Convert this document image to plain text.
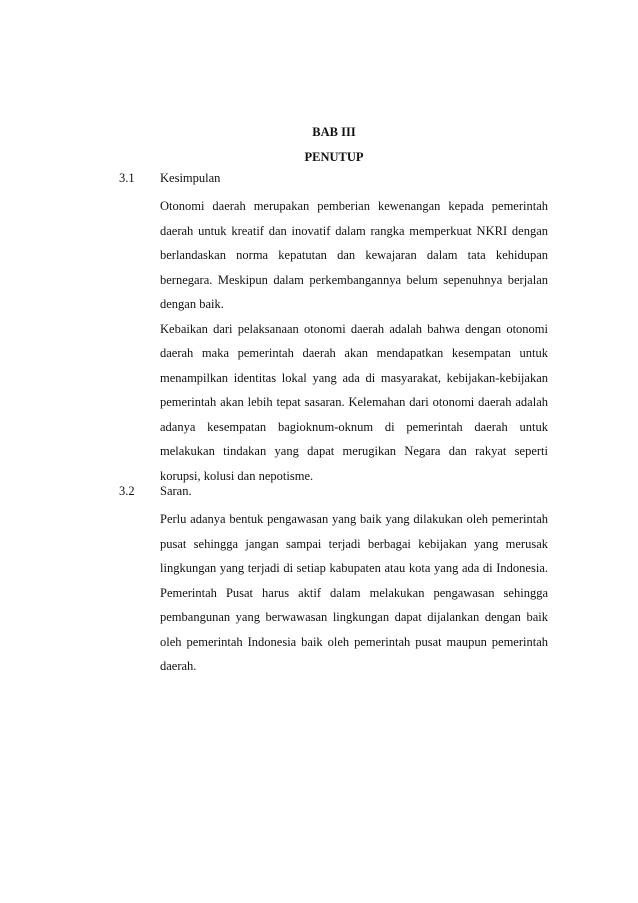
BAB III
PENUTUP
3.1 Kesimpulan

Otonomi daerah merupakan pemberian kewenangan kepada pemerintah daerah untuk kreatif dan inovatif dalam rangka memperkuat NKRI dengan berlandaskan norma kepatutan dan kewajaran dalam tata kehidupan bernegara. Meskipun dalam perkembangannya belum sepenuhnya berjalan dengan baik.

Kebaikan dari pelaksanaan otonomi daerah adalah bahwa dengan otonomi daerah maka pemerintah daerah akan mendapatkan kesempatan untuk menampilkan identitas lokal yang ada di masyarakat, kebijakan-kebijakan pemerintah akan lebih tepat sasaran. Kelemahan dari otonomi daerah adalah adanya kesempatan bagioknum-oknum di pemerintah daerah untuk melakukan tindakan yang dapat merugikan Negara dan rakyat seperti korupsi, kolusi dan nepotisme.

3.2 Saran.

Perlu adanya bentuk pengawasan yang baik yang dilakukan oleh pemerintah pusat sehingga jangan sampai terjadi berbagai kebijakan yang merusak lingkungan yang terjadi di setiap kabupaten atau kota yang ada di Indonesia. Pemerintah Pusat harus aktif dalam melakukan pengawasan sehingga pembangunan yang berwawasan lingkungan dapat dijalankan dengan baik oleh pemerintah Indonesia baik oleh pemerintah pusat maupun pemerintah daerah.
